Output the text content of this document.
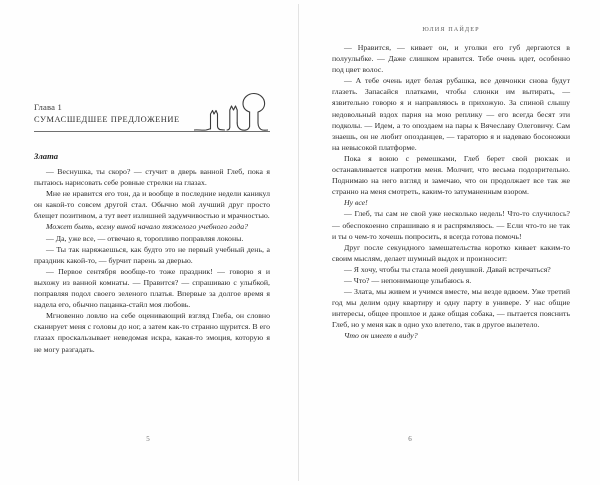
Глава 1
СУМАСШЕДШЕЕ ПРЕДЛОЖЕНИЕ
Злата

— Веснушка, ты скоро? — стучит в дверь ванной Глеб, пока я пытаюсь нарисовать себе ровные стрелки на глазах.

Мне не нравится его тон, да и вообще в последние недели каникул он какой-то совсем другой стал. Обычно мой лучший друг просто блещет позитивом, а тут веет излишней задумчивостью и мрачностью.

Может быть, всему виной начало тяжелого учебного года?

— Да, уже все, — отвечаю я, торопливо поправляя локоны.

— Ты так наряжаешься, как будто это не первый учебный день, а праздник какой-то, — бурчит парень за дверью.

— Первое сентября вообще-то тоже праздник! — говорю я и выхожу из ванной комнаты. — Правится? — спрашиваю с улыбкой, поправляя подол своего зеленого платья. Впервые за долгое время я надела его, обычно пацанка-стайл моя любовь.

Мгновенно ловлю на себе оценивающий взгляд Глеба, он словно сканирует меня с головы до ног, а затем как-то странно щурится. В его глазах проскальзывает неведомая искра, какая-то эмоция, которую я не могу разгадать.

5
ЮЛИЯ ПАЙДЕР

— Нравится, — кивает он, и уголки его губ дергаются в полуулыбке. — Даже слишком нравится. Тебе очень идет, особенно под цвет волос.

— А тебе очень идет белая рубашка, все девчонки снова будут глазеть. Запасайся платками, чтобы слюнки им вытирать, — язвительно говорю я и направляюсь в прихожую. За спиной слышу недовольный вздох парня на мою реплику — его всегда бесят эти подколы. — Идем, а то опоздаем на пары к Вячеславу Олеговичу. Сам знаешь, он не любит опозданцев, — тараторю я и надеваю босоножки на невысокой платформе.

Пока я воюю с ремешками, Глеб берет свой рюкзак и останавливается напротив меня. Молчит, что весьма подозрительно. Поднимаю на него взгляд и замечаю, что он продолжает все так же странно на меня смотреть, каким-то затуманенным взором.

Ну все!

— Глеб, ты сам не свой уже несколько недель! Что-то случилось? — обеспокоенно спрашиваю я и распрямляюсь. — Если что-то не так и ты о чем-то хочешь попросить, я всегда готова помочь!

Друг после секундного замешательства коротко кивает каким-то своим мыслям, делает шумный выдох и произносит:

— Я хочу, чтобы ты стала моей девушкой. Давай встречаться?

— Что? — непонимающе улыбаюсь я.

— Злата, мы живем и учимся вместе, мы везде вдвоем. Уже третий год мы делим одну квартиру и одну парту в универе. У нас общие интересы, общее прошлое и даже общая собака, — пытается пояснить Глеб, но у меня как в одно ухо влетело, так в другое вылетело.

Что он имеет в виду?

6
